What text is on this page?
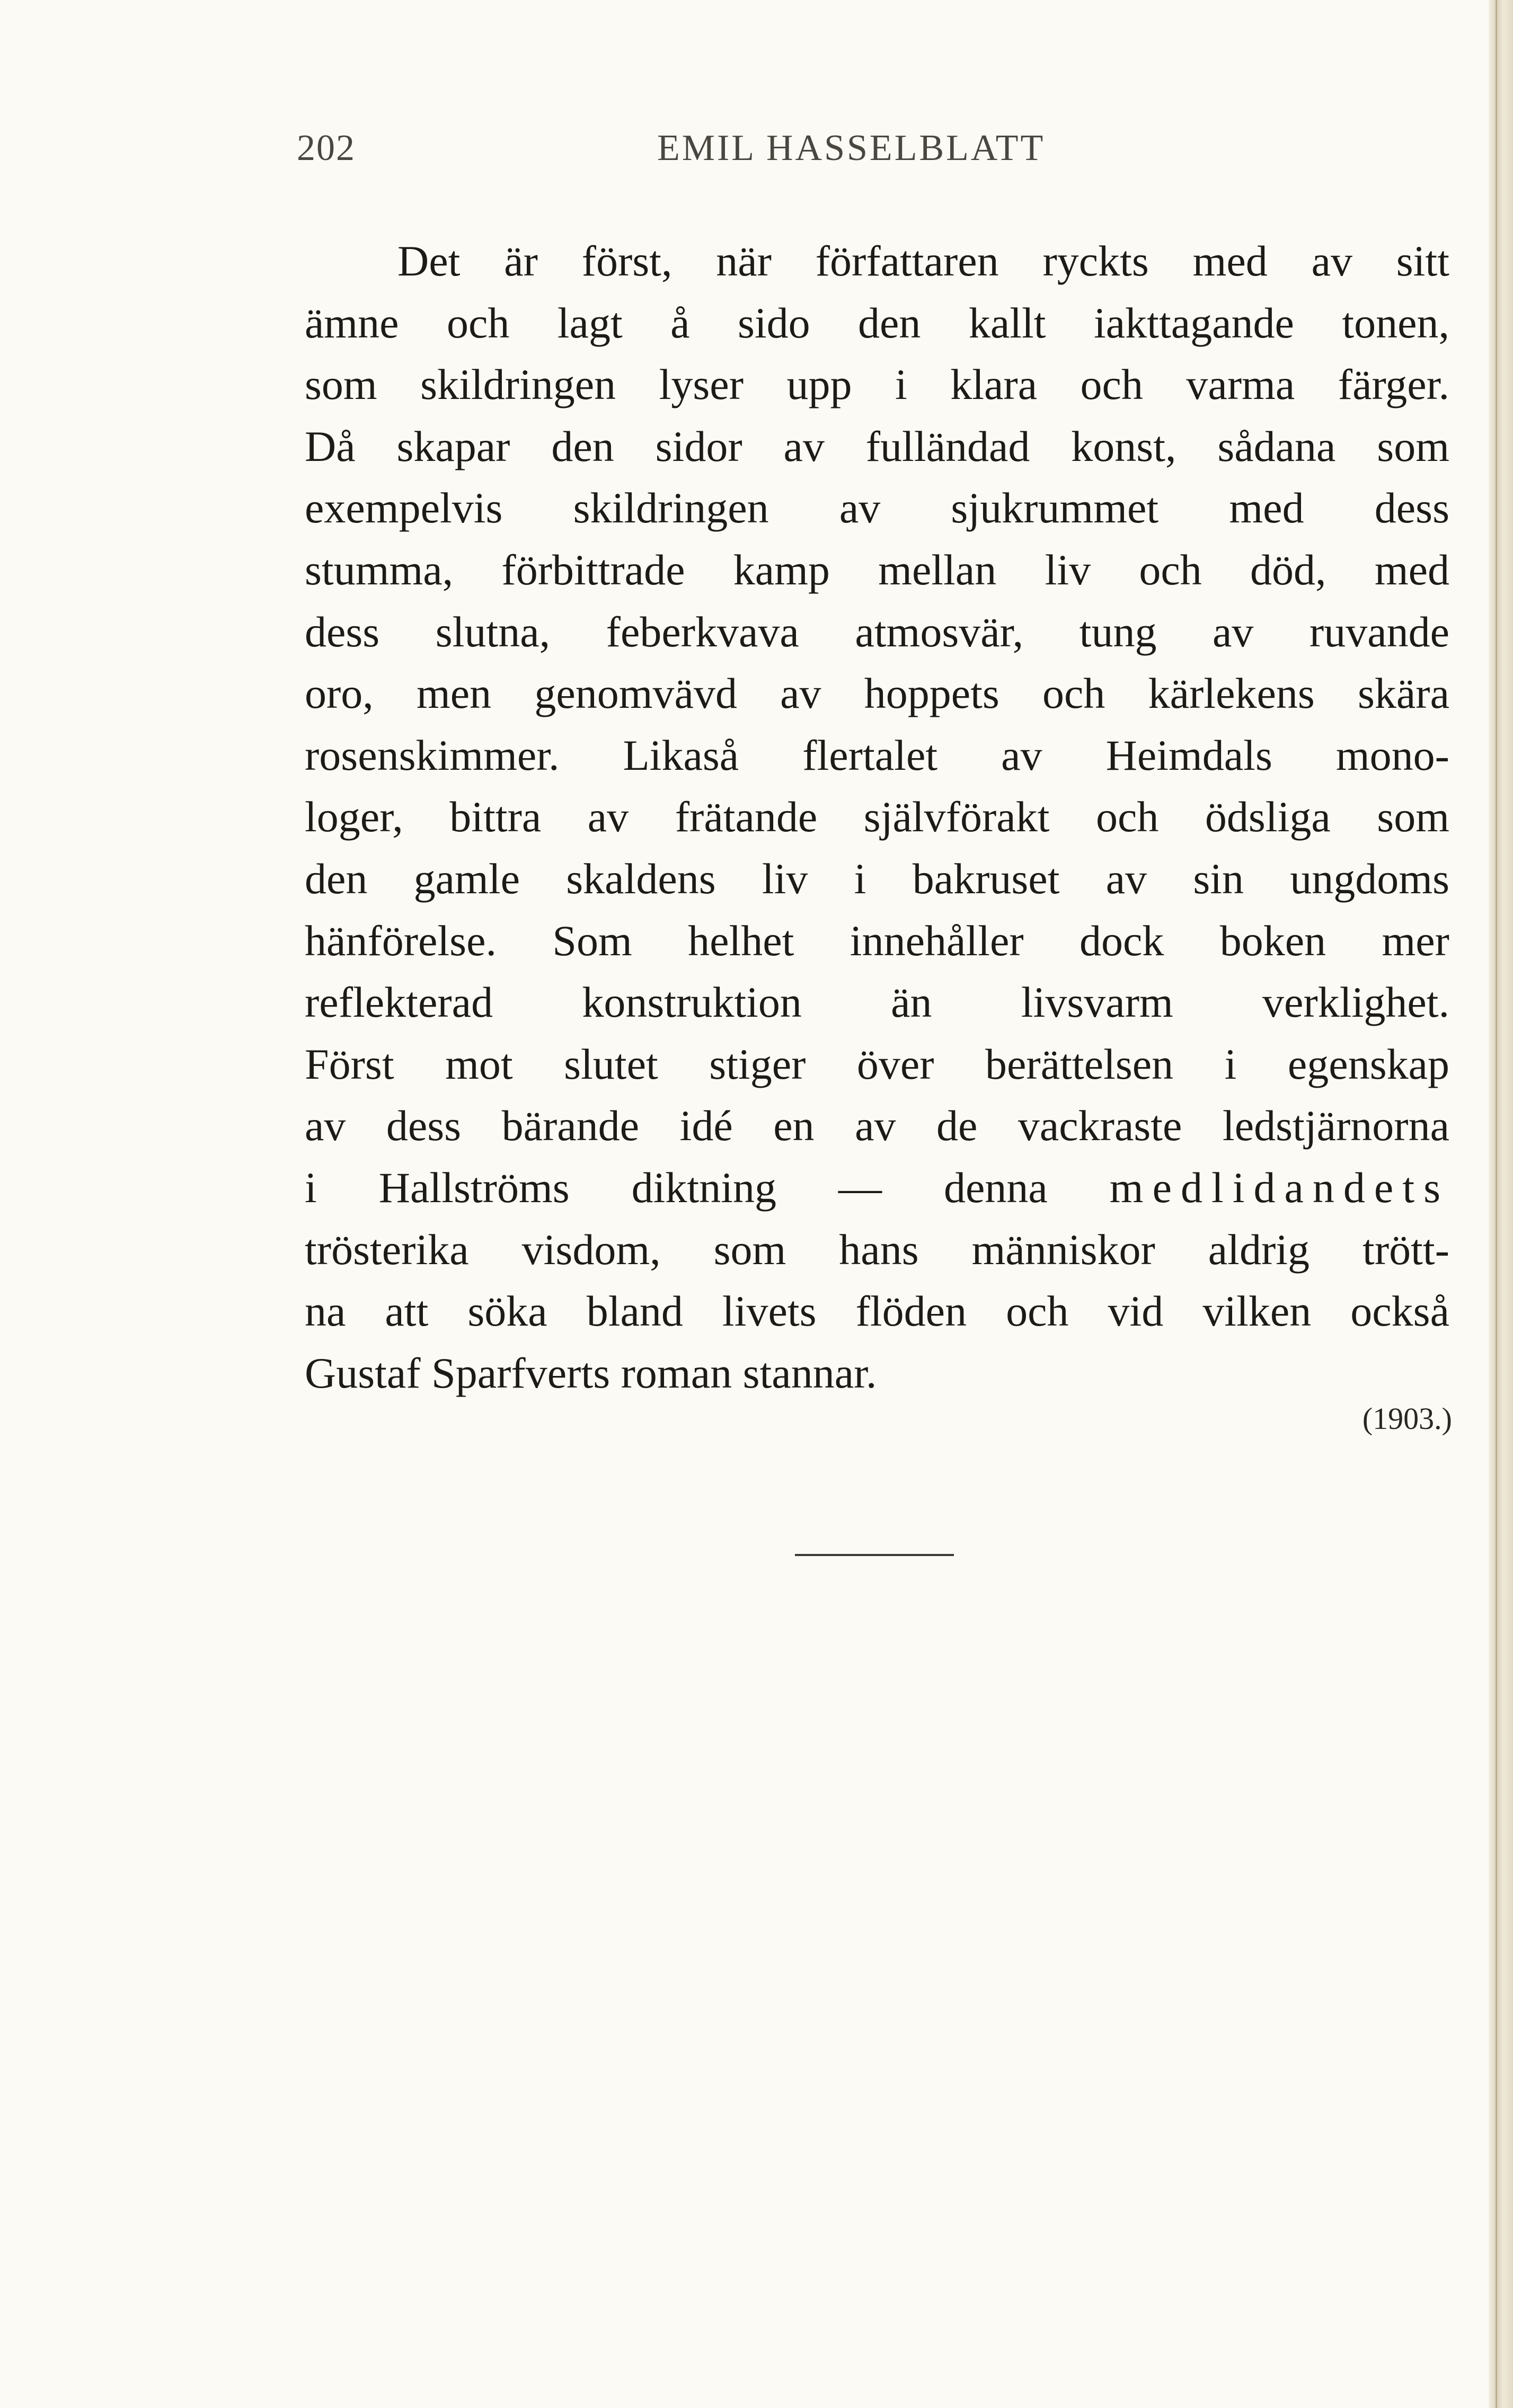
202	EMIL HASSELBLATT
Det är först, när författaren ryckts med av sitt
ämne och lagt å sido den kallt iakttagande tonen,
som skildringen lyser upp i klara och varma färger.
Då skapar den sidor av fulländad konst, sådana som
exempelvis skildringen av sjukrummet med dess
stumma, förbittrade kamp mellan liv och död, med
dess slutna, feberkvava atmosvär, tung av ruvande
oro, men genomvävd av hoppets och kärlekens skära
rosenskimmer. Likaså flertalet av Heimdals mono-
loger, bittra av frätande självförakt och ödsliga som
den gamle skaldens liv i bakruset av sin ungdoms
hänförelse. Som helhet innehåller dock boken mer
reflekterad konstruktion än livsvarm verklighet.
Först mot slutet stiger över berättelsen i egenskap
av dess bärande idé en av de vackraste ledstjärnorna
i Hallströms diktning — denna medlidandets
trösterika visdom, som hans människor aldrig trött-
na att söka bland livets flöden och vid vilken också
Gustaf Sparfverts roman stannar.
(1903.)
